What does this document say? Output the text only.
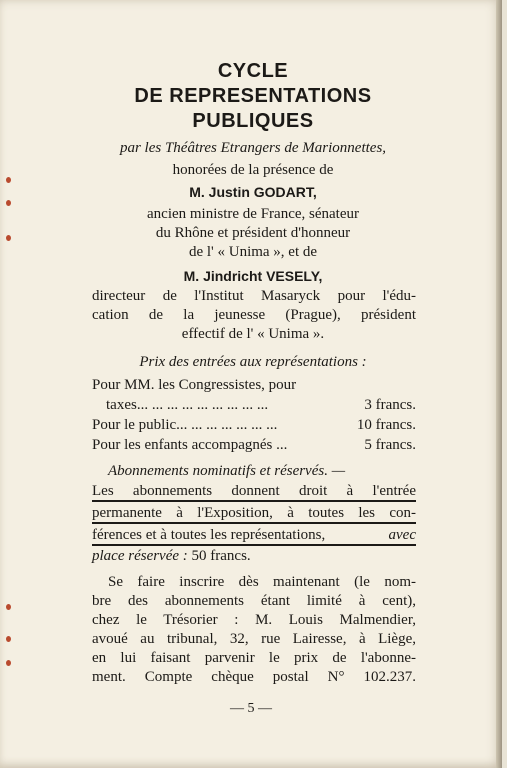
CYCLE
DE REPRESENTATIONS
PUBLIQUES
par les Théâtres Etrangers de Marionnettes,
honorées de la présence de
M. Justin GODART,
ancien ministre de France, sénateur
du Rhône et président d'honneur
de l' « Unima », et de
M. Jindricht VESELY,
directeur de l'Institut Masaryck pour l'édu-
cation de la jeunesse (Prague), président
effectif de l' « Unima ».
Prix des entrées aux représentations :
Pour MM. les Congressistes, pour
taxes... ... ... ... ... ... ... ... ...	3 francs.
Pour le public... ... ... ... ... ... ...	10 francs.
Pour les enfants accompagnés ...	5 francs.
Abonnements nominatifs et réservés. —
Les abonnements donnent droit à l'entrée
permanente à l'Exposition, à toutes les con-
férences et à toutes les représentations,	avec
place réservée : 50 francs.
Se faire inscrire dès maintenant (le nom-
bre des abonnements étant limité à cent),
chez le Trésorier : M. Louis Malmendier,
avoué au tribunal, 32, rue Lairesse, à Liège,
en lui faisant parvenir le prix de l'abonne-
ment. Compte chèque postal N° 102.237.
— 5 —
